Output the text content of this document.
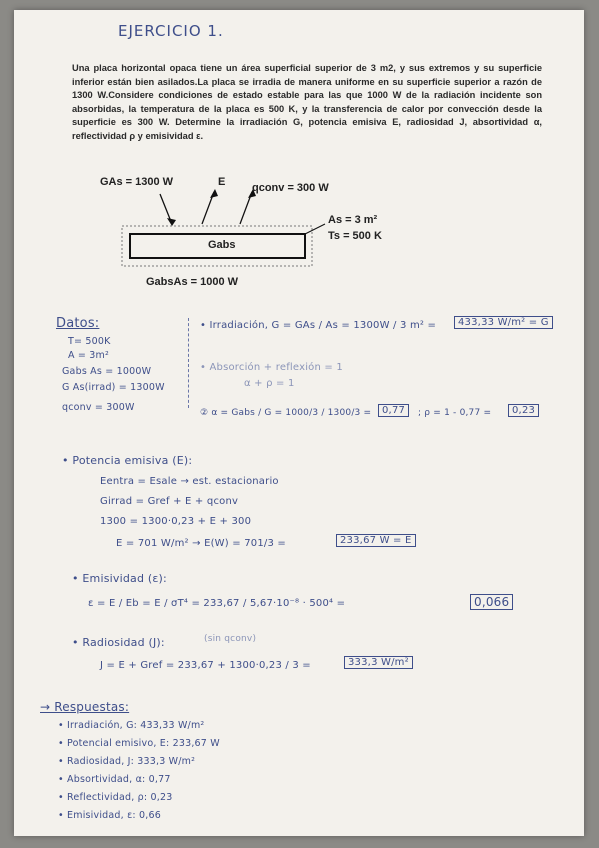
EJERCICIO 1.
Una placa horizontal opaca tiene un área superficial superior de 3 m2, y sus extremos y su superficie inferior están bien asilados.La placa se irradia de manera uniforme en su superficie superior a razón de 1300 W.Considere condiciones de estado estable para las que 1000 W de la radiación incidente son absorbidas, la temperatura de la placa es 500 K, y la transferencia de calor por convección desde la superficie es 300 W. Determine la irradiación G, potencia emisiva E, radiosidad J, absortividad α, reflectividad ρ y emisividad ε.
GAs = 1300 W	E qconv = 300 W
As = 3 m²
Ts = 500 K
Gabs
GabsAs = 1000 W
Datos:
T= 500K
A = 3m²
Gabs As = 1000W
G As(irrad) = 1300W
qconv = 300W
• Irradiación, G = GAs / As = 1300W / 3 m² =	433,33 W/m² = G
• Absorción + reflexión = 1
α + ρ = 1
② α = Gabs / G = 1000/3 / 1300/3 =	0,77	; ρ = 1 - 0,77 =	0,23
• Potencia emisiva (E):
Eentra = Esale → est. estacionario
Girrad = Gref + E + qconv
1300 = 1300·0,23 + E + 300
E = 701 W/m² → E(W) = 701/3 =	233,67 W = E
• Emisividad (ε):
ε = E / Eb = E / σT⁴ = 233,67 / 5,67·10⁻⁸ · 500⁴ =	0,066
• Radiosidad (J):	(sin qconv)
J = E + Gref = 233,67 + 1300·0,23 / 3 =	333,3 W/m²
→ Respuestas:
• Irradiación, G: 433,33 W/m²
• Potencial emisivo, E: 233,67 W
• Radiosidad, J: 333,3 W/m²
• Absortividad, α: 0,77
• Reflectividad, ρ: 0,23
• Emisividad, ε: 0,66
